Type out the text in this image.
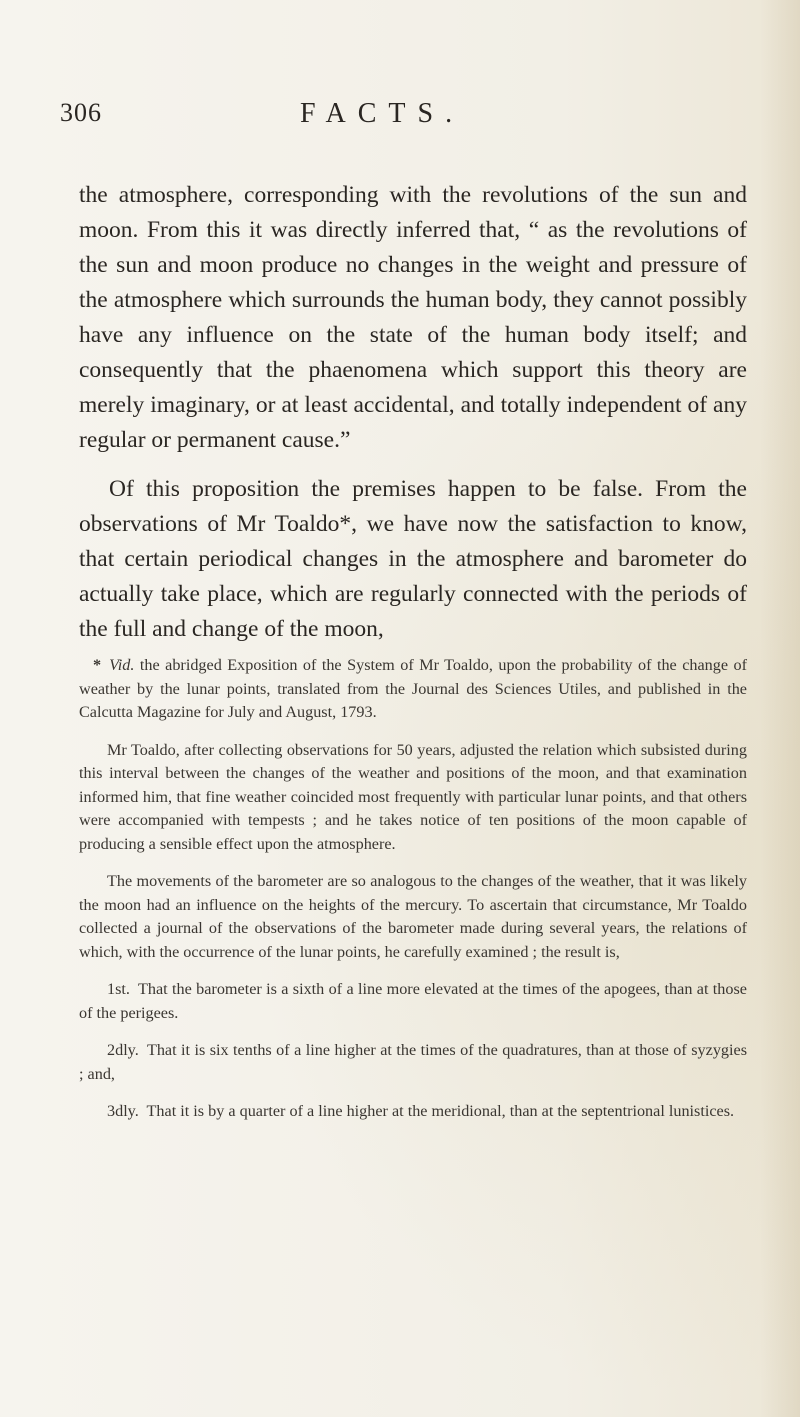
306	FACTS.

the atmosphere, corresponding with the revolutions of the sun and moon. From this it was directly inferred that, “ as the revolutions of the sun and moon produce no changes in the weight and pressure of the atmosphere which surrounds the human body, they cannot possibly have any influence on the state of the human body itself; and consequently that the phaenomena which support this theory are merely imaginary, or at least accidental, and totally independent of any regular or permanent cause.”

Of this proposition the premises happen to be false. From the observations of Mr Toaldo*, we have now the satisfaction to know, that certain periodical changes in the atmosphere and barometer do actually take place, which are regularly connected with the periods of the full and change of the moon,

* Vid. the abridged Exposition of the System of Mr Toaldo, upon the probability of the change of weather by the lunar points, translated from the Journal des Sciences Utiles, and published in the Calcutta Magazine for July and August, 1793.

Mr Toaldo, after collecting observations for 50 years, adjusted the relation which subsisted during this interval between the changes of the weather and positions of the moon, and that examination informed him, that fine weather coincided most frequently with particular lunar points, and that others were accompanied with tempests ; and he takes notice of ten positions of the moon capable of producing a sensible effect upon the atmosphere.

The movements of the barometer are so analogous to the changes of the weather, that it was likely the moon had an influence on the heights of the mercury. To ascertain that circumstance, Mr Toaldo collected a journal of the observations of the barometer made during several years, the relations of which, with the occurrence of the lunar points, he carefully examined ; the result is,

1st. That the barometer is a sixth of a line more elevated at the times of the apogees, than at those of the perigees.

2dly. That it is six tenths of a line higher at the times of the quadratures, than at those of syzygies ; and,

3dly. That it is by a quarter of a line higher at the meridional, than at the septentrional lunistices.
